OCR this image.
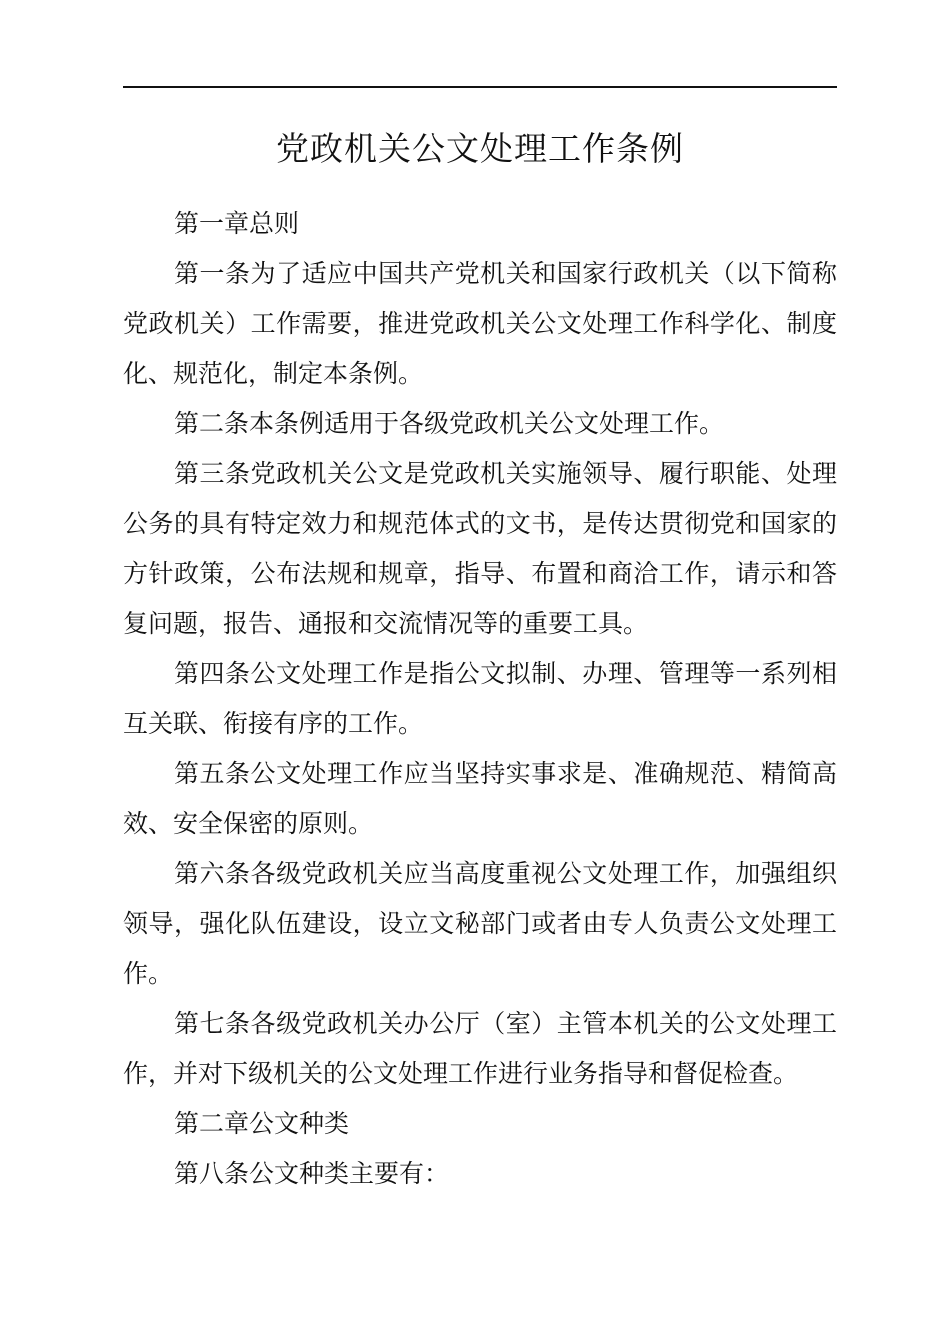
党政机关公文处理工作条例

第一章总则

第一条为了适应中国共产党机关和国家行政机关（以下简称党政机关）工作需要，推进党政机关公文处理工作科学化、制度化、规范化，制定本条例。

第二条本条例适用于各级党政机关公文处理工作。

第三条党政机关公文是党政机关实施领导、履行职能、处理公务的具有特定效力和规范体式的文书，是传达贯彻党和国家的方针政策，公布法规和规章，指导、布置和商洽工作，请示和答复问题，报告、通报和交流情况等的重要工具。

第四条公文处理工作是指公文拟制、办理、管理等一系列相互关联、衔接有序的工作。

第五条公文处理工作应当坚持实事求是、准确规范、精简高效、安全保密的原则。

第六条各级党政机关应当高度重视公文处理工作，加强组织领导，强化队伍建设，设立文秘部门或者由专人负责公文处理工作。

第七条各级党政机关办公厅（室）主管本机关的公文处理工作，并对下级机关的公文处理工作进行业务指导和督促检查。

第二章公文种类

第八条公文种类主要有：
